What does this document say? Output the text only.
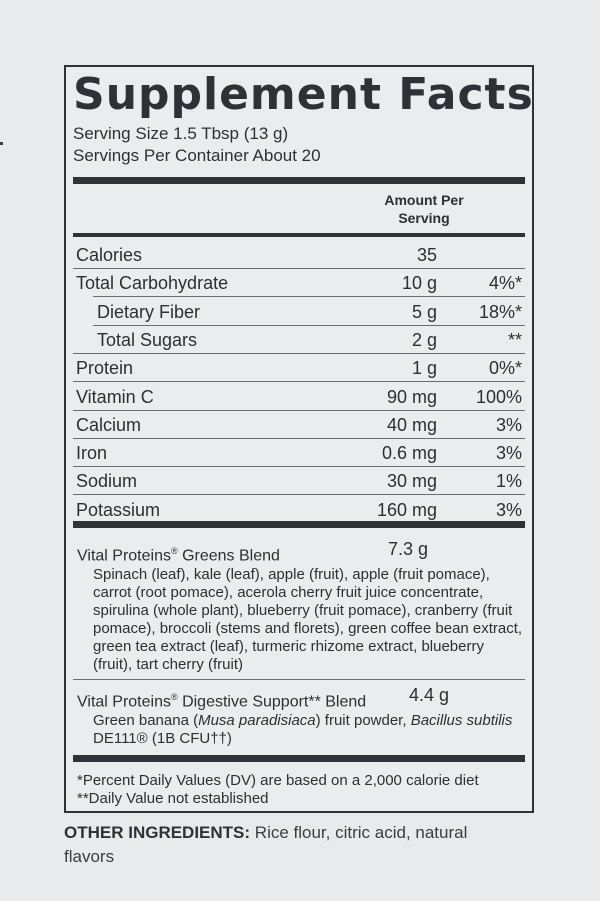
Supplement Facts
Serving Size 1.5 Tbsp (13 g)
Servings Per Container About 20
Amount Per
Serving
Calories	35
Total Carbohydrate	10 g	4%*
Dietary Fiber	5 g 18%*
Total Sugars	2 g	**
Protein	1 g	0%*
Vitamin C	90 mg 100%
Calcium	40 mg	3%
Iron	0.6 mg	3%
Sodium	30 mg	1%
Potassium	160 mg	3%
Vital Proteins® Greens Blend	7.3 g
Spinach (leaf), kale (leaf), apple (fruit), apple (fruit pomace), carrot (root pomace), acerola cherry fruit juice concentrate, spirulina (whole plant), blueberry (fruit pomace), cranberry (fruit pomace), broccoli (stems and florets), green coffee bean extract, green tea extract (leaf), turmeric rhizome extract, blueberry (fruit), tart cherry (fruit)
Vital Proteins® Digestive Support** Blend	4.4 g
Green banana (Musa paradisiaca) fruit powder, Bacillus subtilis DE111® (1B CFU††)
*Percent Daily Values (DV) are based on a 2,000 calorie diet
**Daily Value not established
OTHER INGREDIENTS: Rice flour, citric acid, natural flavors
